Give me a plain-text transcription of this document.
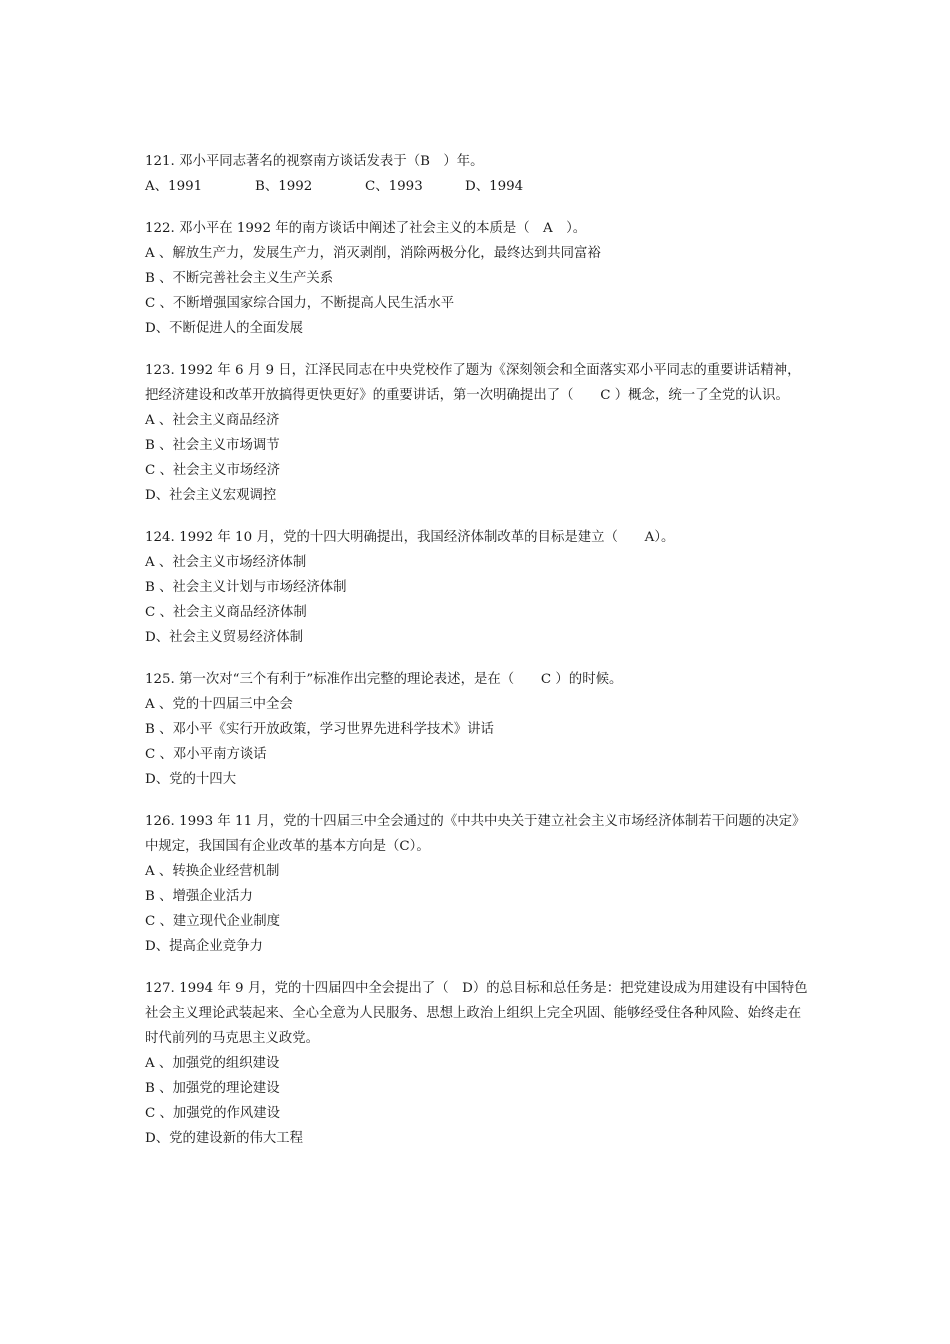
121. 邓小平同志著名的视察南方谈话发表于（B　）年。

A、1991	B、1992	C、1993	D、1994

122. 邓小平在 1992 年的南方谈话中阐述了社会主义的本质是（　A　）。

A 、解放生产力，发展生产力，消灭剥削，消除两极分化，最终达到共同富裕

B 、不断完善社会主义生产关系

C 、不断增强国家综合国力，不断提高人民生活水平

D、不断促进人的全面发展

123. 1992 年 6 月 9 日，江泽民同志在中央党校作了题为《深刻领会和全面落实邓小平同志的重要讲话精神，把经济建设和改革开放搞得更快更好》的重要讲话，第一次明确提出了（　　C ）概念，统一了全党的认识。

A 、社会主义商品经济

B 、社会主义市场调节

C 、社会主义市场经济

D、社会主义宏观调控

124. 1992 年 10 月，党的十四大明确提出，我国经济体制改革的目标是建立（　　A）。

A 、社会主义市场经济体制

B 、社会主义计划与市场经济体制

C 、社会主义商品经济体制

D、社会主义贸易经济体制

125. 第一次对“三个有利于”标准作出完整的理论表述，是在（　　C ）的时候。

A 、党的十四届三中全会

B 、邓小平《实行开放政策，学习世界先进科学技术》讲话

C 、邓小平南方谈话

D、党的十四大

126. 1993 年 11 月，党的十四届三中全会通过的《中共中央关于建立社会主义市场经济体制若干问题的决定》中规定，我国国有企业改革的基本方向是（C）。

A 、转换企业经营机制

B 、增强企业活力

C 、建立现代企业制度

D、提高企业竞争力

127. 1994 年 9 月，党的十四届四中全会提出了（　D）的总目标和总任务是：把党建设成为用建设有中国特色社会主义理论武装起来、全心全意为人民服务、思想上政治上组织上完全巩固、能够经受住各种风险、始终走在时代前列的马克思主义政党。

A 、加强党的组织建设

B 、加强党的理论建设

C 、加强党的作风建设

D、党的建设新的伟大工程
